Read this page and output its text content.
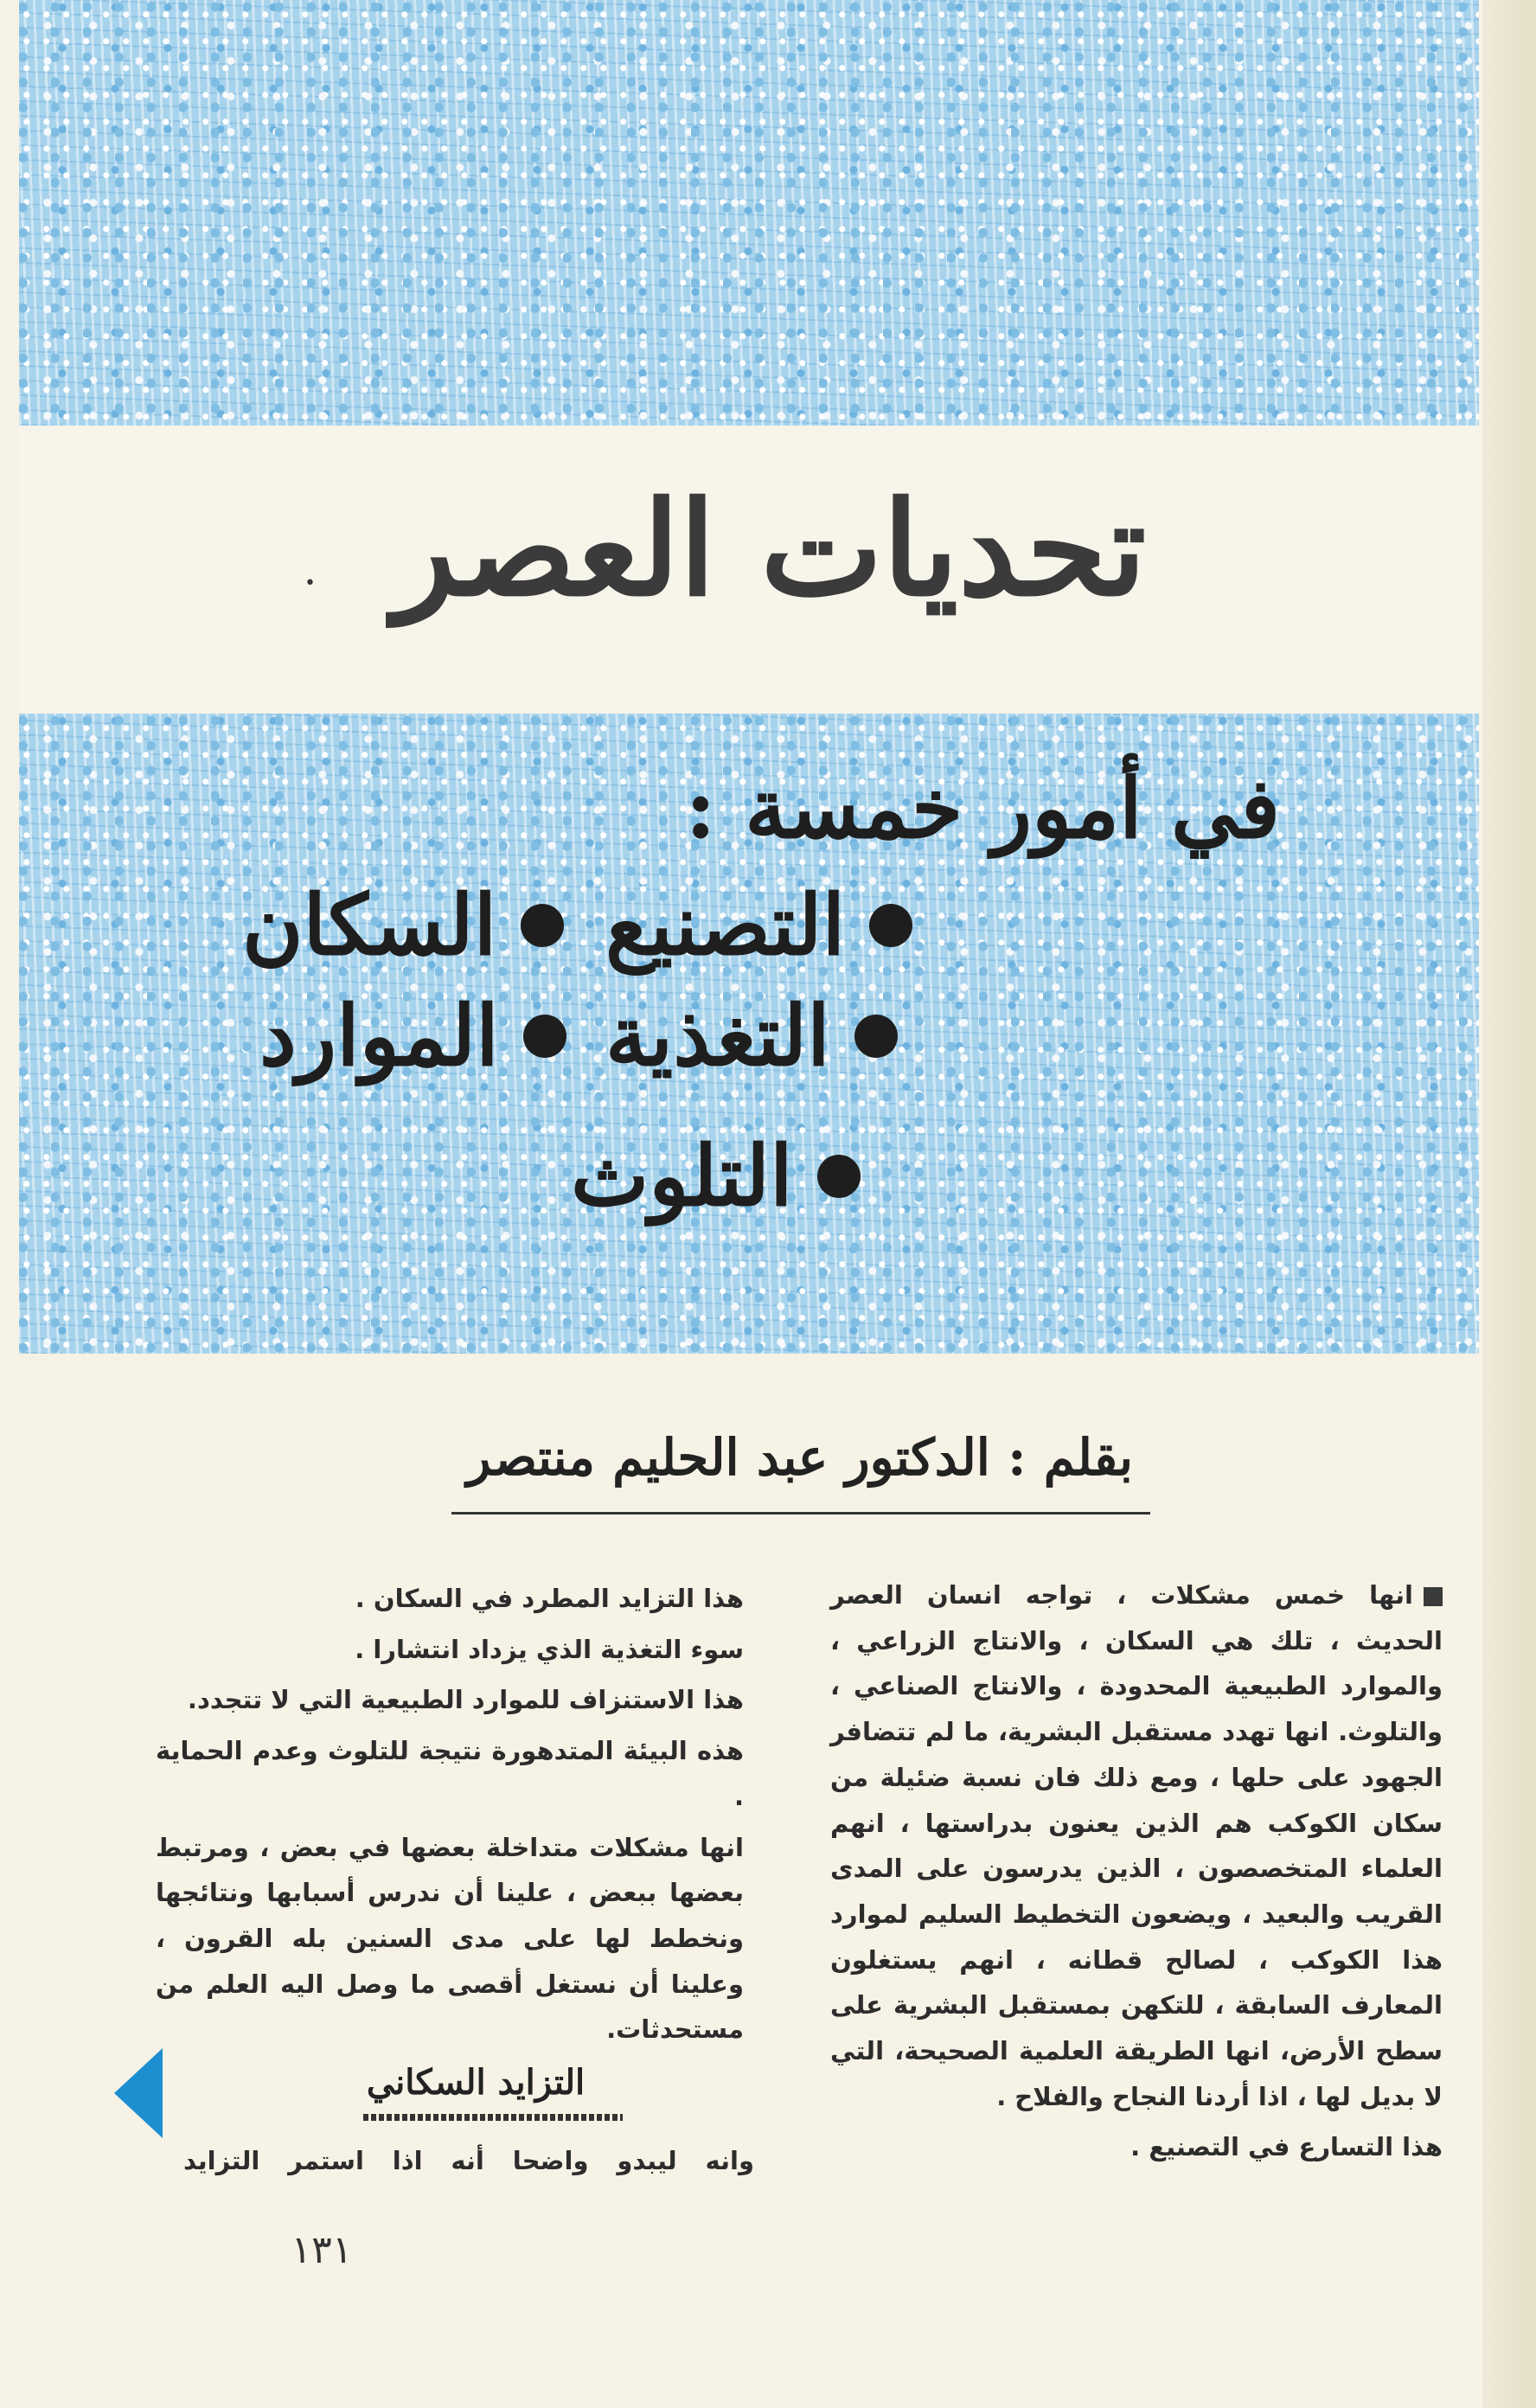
تحديات العصر
•
في أمور خمسة :
التصنيع
السكان
التغذية
الموارد
التلوث
بقلم : الدكتور عبد الحليم منتصر

انها خمس مشكلات ، تواجه انسان العصر الحديث ، تلك هي السكان ، والانتاج الزراعي ، والموارد الطبيعية المحدودة ، والانتاج الصناعي ، والتلوث. انها تهدد مستقبل البشرية، ما لم تتضافر الجهود على حلها ، ومع ذلك فان نسبة ضئيلة من سكان الكوكب هم الذين يعنون بدراستها ، انهم العلماء المتخصصون ، الذين يدرسون على المدى القريب والبعيد ، ويضعون التخطيط السليم لموارد هذا الكوكب ، لصالح قطانه ، انهم يستغلون المعارف السابقة ، للتكهن بمستقبل البشرية على سطح الأرض، انها الطريقة العلمية الصحيحة، التي لا بديل لها ، اذا أردنا النجاح والفلاح .

هذا التسارع في التصنيع .

هذا التزايد المطرد في السكان .

سوء التغذية الذي يزداد انتشارا .

هذا الاستنزاف للموارد الطبيعية التي لا تتجدد.

هذه البيئة المتدهورة نتيجة للتلوث وعدم الحماية .

انها مشكلات متداخلة بعضها في بعض ، ومرتبط بعضها ببعض ، علينا أن ندرس أسبابها ونتائجها ونخطط لها على مدى السنين بله القرون ، وعلينا أن نستغل أقصى ما وصل اليه العلم من مستحدثات.

التزايد السكاني
وانه ليبدو واضحا أنه اذا استمر التزايد
١٣١
